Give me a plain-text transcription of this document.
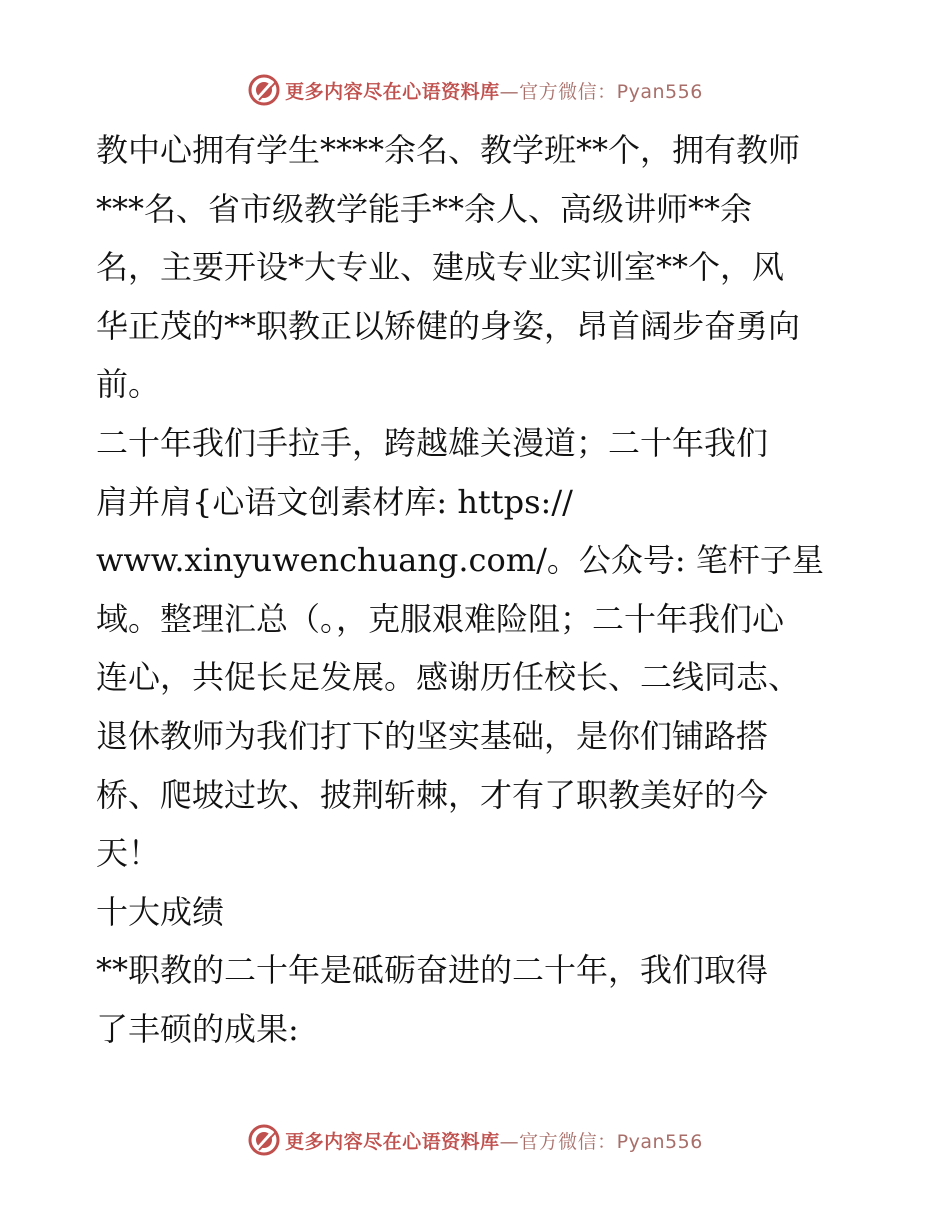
更多内容尽在心语资料库—官方微信：Pyan556
教中心拥有学生****余名、教学班**个，拥有教师
***名、省市级教学能手**余人、高级讲师**余
名，主要开设*大专业、建成专业实训室**个，风
华正茂的**职教正以矫健的身姿，昂首阔步奋勇向
前。
二十年我们手拉手，跨越雄关漫道；二十年我们
肩并肩{心语文创素材库: https://
www.xinyuwenchuang.com/。公众号: 笔杆子星
域。整理汇总（。，克服艰难险阻；二十年我们心
连心，共促长足发展。感谢历任校长、二线同志、
退休教师为我们打下的坚实基础，是你们铺路搭
桥、爬坡过坎、披荆斩棘，才有了职教美好的今
天！
十大成绩
**职教的二十年是砥砺奋进的二十年，我们取得
了丰硕的成果:
更多内容尽在心语资料库—官方微信：Pyan556
